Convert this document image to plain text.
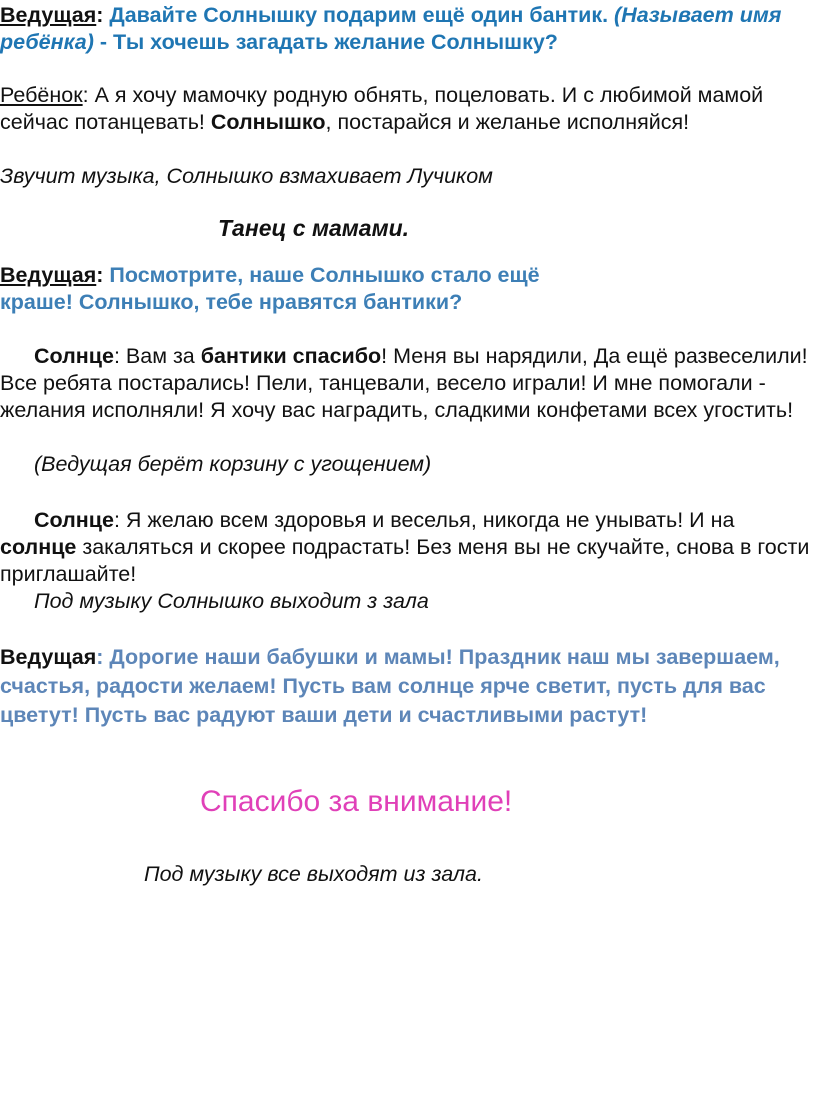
Ведущая: Давайте Солнышку подарим ещё один бантик. (Называет имя ребёнка) - Ты хочешь загадать желание Солнышку?

Ребёнок: А я хочу мамочку родную обнять, поцеловать. И с любимой мамой сейчас потанцевать! Солнышко, постарайся и желанье исполняйся!

Звучит музыка, Солнышко взмахивает Лучиком

Танец с мамами.

Ведущая: Посмотрите, наше Солнышко стало ещё
краше! Солнышко, тебе нравятся бантики?

Солнце: Вам за бантики спасибо! Меня вы нарядили, Да ещё развеселили! Все ребята постарались! Пели, танцевали, весело играли! И мне помогали - желания исполняли! Я хочу вас наградить, сладкими конфетами всех угостить!

(Ведущая берёт корзину с угощением)

Солнце: Я желаю всем здоровья и веселья, никогда не унывать! И на солнце закаляться и скорее подрастать! Без меня вы не скучайте, снова в гости приглашайте!

Под музыку Солнышко выходит з зала

Ведущая: Дорогие наши бабушки и мамы! Праздник наш мы завершаем, счастья, радости желаем! Пусть вам солнце ярче светит, пусть для вас цветут! Пусть вас радуют ваши дети и счастливыми растут!

Спасибо за внимание!

Под музыку все выходят из зала.
